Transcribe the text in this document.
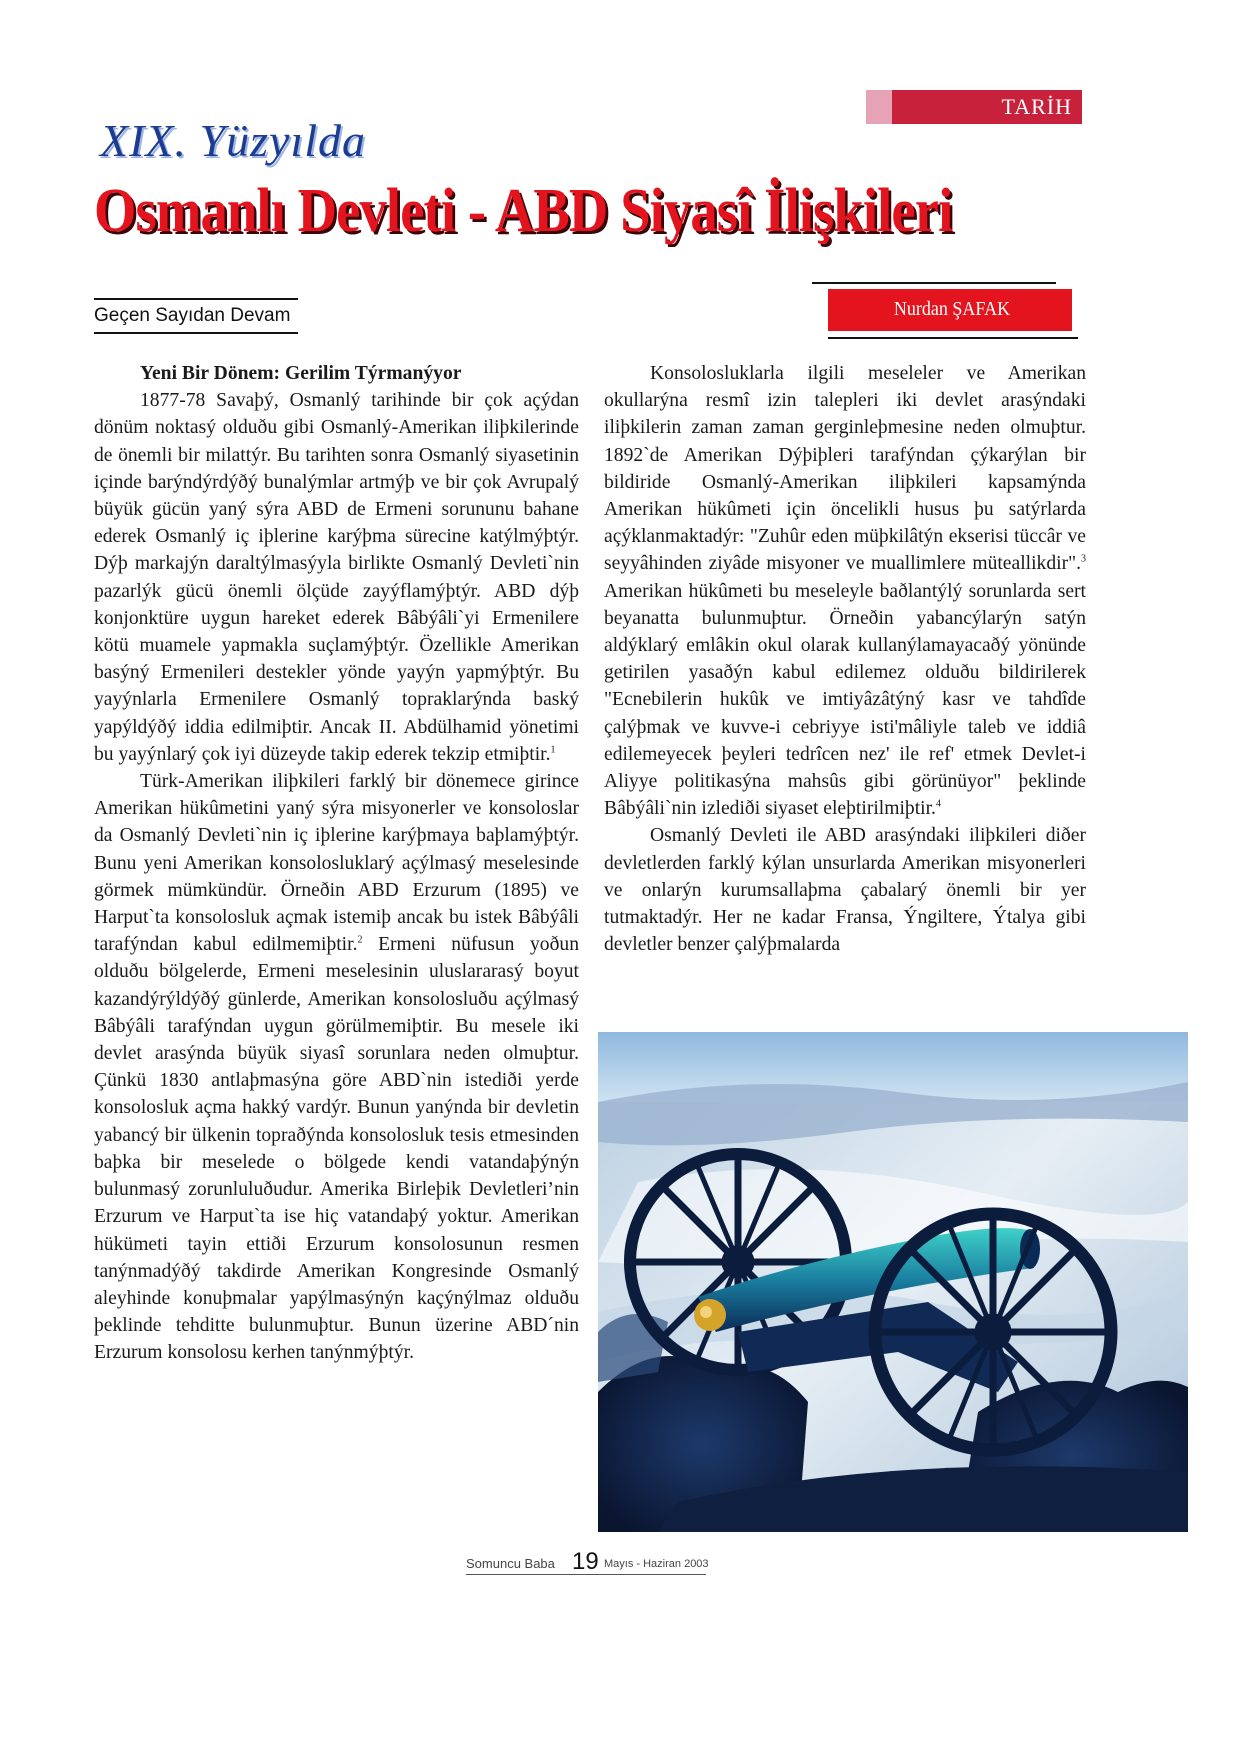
TARİH
XIX. Yüzyılda
Osmanlı Devleti - ABD Siyasî İlişkileri
Geçen Sayıdan Devam	Nurdan ŞAFAK
Yeni Bir Dönem: Gerilim Týrmanýyor

1877-78 Savaþý, Osmanlý tarihinde bir çok açýdan dönüm noktasý olduðu gibi Osmanlý-Amerikan iliþkilerinde de önemli bir milattýr. Bu tarihten sonra Osmanlý siyasetinin içinde barýndýrdýðý bunalýmlar artmýþ ve bir çok Avrupalý büyük gücün yaný sýra ABD de Ermeni sorununu bahane ederek Osmanlý iç iþlerine karýþma sürecine katýlmýþtýr. Dýþ markajýn daraltýlmasýyla birlikte Osmanlý Devleti`nin pazarlýk gücü önemli ölçüde zayýflamýþtýr. ABD dýþ konjonktüre uygun hareket ederek Bâbýâli`yi Ermenilere kötü muamele yapmakla suçlamýþtýr. Özellikle Amerikan basýný Ermenileri destekler yönde yayýn yapmýþtýr. Bu yayýnlarla Ermenilere Osmanlý topraklarýnda baský yapýldýðý iddia edilmiþtir. Ancak II. Abdülhamid yönetimi bu yayýnlarý çok iyi düzeyde takip ederek tekzip etmiþtir.$^1$

Türk-Amerikan iliþkileri farklý bir dönemece girince Amerikan hükûmetini yaný sýra misyonerler ve konsoloslar da Osmanlý Devleti`nin iç iþlerine karýþmaya baþlamýþtýr. Bunu yeni Amerikan konsolosluklarý açýlmasý meselesinde görmek mümkündür. Örneðin ABD Erzurum (1895) ve Harput`ta konsolosluk açmak istemiþ ancak bu istek Bâbýâli tarafýndan kabul edilmemiþtir.$^2$ Ermeni nüfusun yoðun olduðu bölgelerde, Ermeni meselesinin uluslararasý boyut kazandýrýldýðý günlerde, Amerikan konsolosluðu açýlmasý Bâbýâli tarafýndan uygun görülmemiþtir. Bu mesele iki devlet arasýnda büyük siyasî sorunlara neden olmuþtur. Çünkü 1830 antlaþmasýna göre ABD`nin istediði yerde konsolosluk açma hakký vardýr. Bunun yanýnda bir devletin yabancý bir ülkenin topraðýnda konsolosluk tesis etmesinden baþka bir meselede o bölgede kendi vatandaþýnýn bulunmasý zorunluluðudur. Amerika Birleþik Devletleri’nin Erzurum ve Harput`ta ise hiç vatandaþý yoktur. Amerikan hükümeti tayin ettiði Erzurum konsolosunun resmen tanýnmadýðý takdirde Amerikan Kongresinde Osmanlý aleyhinde konuþmalar yapýlmasýnýn kaçýnýlmaz olduðu þeklinde tehditte bulunmuþtur. Bunun üzerine ABD´nin Erzurum konsolosu kerhen tanýnmýþtýr.

Konsolosluklarla ilgili meseleler ve Amerikan okullarýna resmî izin talepleri iki devlet arasýndaki iliþkilerin zaman zaman gerginleþmesine neden olmuþtur. 1892`de Amerikan Dýþiþleri tarafýndan çýkarýlan bir bildiride Osmanlý-Amerikan iliþkileri kapsamýnda Amerikan hükûmeti için öncelikli husus þu satýrlarda açýklanmaktadýr: "Zuhûr eden müþkilâtýn ekserisi tüccâr ve seyyâhinden ziyâde misyoner ve muallimlere müteallikdir".$^3$ Amerikan hükûmeti bu meseleyle baðlantýlý sorunlarda sert beyanatta bulunmuþtur. Örneðin yabancýlarýn satýn aldýklarý emlâkin okul olarak kullanýlamayacaðý yönünde getirilen yasaðýn kabul edilemez olduðu bildirilerek "Ecnebilerin hukûk ve imtiyâzâtýný kasr ve tahdîde çalýþmak ve kuvve-i cebriyye isti'mâliyle taleb ve iddiâ edilemeyecek þeyleri tedrîcen nez' ile ref' etmek Devlet-i Aliyye politikasýna mahsûs gibi görünüyor" þeklinde Bâbýâli`nin izlediði siyaset eleþtirilmiþtir.$^4$

Osmanlý Devleti ile ABD arasýndaki iliþkileri diðer devletlerden farklý kýlan unsurlarda Amerikan misyonerleri ve onlarýn kurumsallaþma çabalarý önemli bir yer tutmaktadýr. Her ne kadar Fransa, Ýngiltere, Ýtalya gibi devletler benzer çalýþmalarda

Somuncu Baba 19 Mayıs - Haziran 2003
